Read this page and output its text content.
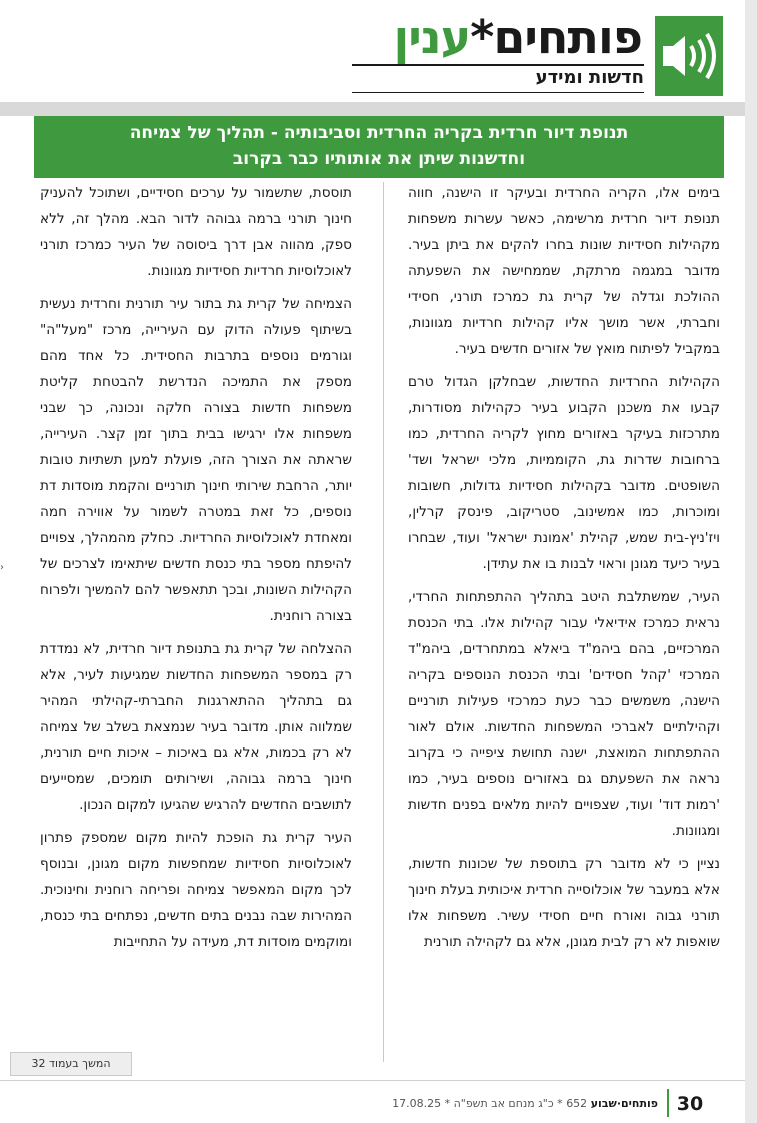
›
פותחים*ענין
חדשות ומידע
תנופת דיור חרדית בקריה החרדית וסביבותיה - תהליך של צמיחה
וחדשנות שיתן את אותותיו כבר בקרוב

בימים אלו, הקריה החרדית ובעיקר זו הישנה, חווה תנופת דיור חרדית מרשימה, כאשר עשרות משפחות מקהילות חסידיות שונות בחרו להקים את ביתן בעיר. מדובר במגמה מרתקת, שממחישה את השפעתה ההולכת וגדלה של קרית גת כמרכז תורני, חסידי וחברתי, אשר מושך אליו קהילות חרדיות מגוונות, במקביל לפיתוח מואץ של אזורים חדשים בעיר.

הקהילות החרדיות החדשות, שבחלקן הגדול טרם קבעו את משכנן הקבוע בעיר כקהילות מסודרות, מתרכזות בעיקר באזורים מחוץ לקריה החרדית, כמו ברחובות שדרות גת, הקוממיות, מלכי ישראל ושד' השופטים. מדובר בקהילות חסידיות גדולות, חשובות ומוכרות, כמו אמשינוב, סטריקוב, פינסק קרלין, ויז'ניץ-בית שמש, קהילת 'אמונת ישראל' ועוד, שבחרו בעיר כיעד מגונן וראוי לבנות בו את עתידן.

העיר, שמשתלבת היטב בתהליך ההתפתחות החרדי, נראית כמרכז אידיאלי עבור קהילות אלו. בתי הכנסת המרכזיים, בהם ביהמ"ד ביאלא במתחרדים, ביהמ"ד המרכזי 'קהל חסידים' ובתי הכנסת הנוספים בקריה הישנה, משמשים כבר כעת כמרכזי פעילות תורניים וקהילתיים לאברכי המשפחות החדשות. אולם לאור ההתפתחות המואצת, ישנה תחושת ציפייה כי בקרוב נראה את השפעתם גם באזורים נוספים בעיר, כמו 'רמות דוד' ועוד, שצפויים להיות מלאים בפנים חדשות ומגוונות.

נציין כי לא מדובר רק בתוספת של שכונות חדשות, אלא במעבר של אוכלוסייה חרדית איכותית בעלת חינוך תורני גבוה ואורח חיים חסידי עשיר. משפחות אלו שואפות לא רק לבית מגונן, אלא גם לקהילה תורנית

תוססת, שתשמור על ערכים חסידיים, ושתוכל להעניק חינוך תורני ברמה גבוהה לדור הבא. מהלך זה, ללא ספק, מהווה אבן דרך ביסוסה של העיר כמרכז תורני לאוכלוסיות חרדיות חסידיות מגוונות.

הצמיחה של קרית גת בתור עיר תורנית וחרדית נעשית בשיתוף פעולה הדוק עם העירייה, מרכז "מעל"ה" וגורמים נוספים בתרבות החסידית. כל אחד מהם מספק את התמיכה הנדרשת להבטחת קליטת משפחות חדשות בצורה חלקה ונכונה, כך שבני משפחות אלו ירגישו בבית בתוך זמן קצר. העירייה, שראתה את הצורך הזה, פועלת למען תשתיות טובות יותר, הרחבת שירותי חינוך תורניים והקמת מוסדות דת נוספים, כל זאת במטרה לשמור על אווירה חמה ומאחדת לאוכלוסיות החרדיות. כחלק מהמהלך, צפויים להיפתח מספר בתי כנסת חדשים שיתאימו לצרכים של הקהילות השונות, ובכך תתאפשר להם להמשיך ולפרוח בצורה רוחנית.

ההצלחה של קרית גת בתנופת דיור חרדית, לא נמדדת רק במספר המשפחות החדשות שמגיעות לעיר, אלא גם בתהליך ההתארגנות החברתי-קהילתי המהיר שמלווה אותן. מדובר בעיר שנמצאת בשלב של צמיחה לא רק בכמות, אלא גם באיכות – איכות חיים תורנית, חינוך ברמה גבוהה, ושירותים תומכים, שמסייעים לתושבים החדשים להרגיש שהגיעו למקום הנכון.

העיר קרית גת הופכת להיות מקום שמספק פתרון לאוכלוסיות חסידיות שמחפשות מקום מגונן, ובנוסף לכך מקום המאפשר צמיחה ופריחה רוחנית וחינוכית. המהירות שבה נבנים בתים חדשים, נפתחים בתי כנסת, ומוקמים מוסדות דת, מעידה על התחייבות

המשך בעמוד 32
30
פותחים·שבוע 652 * כ"ג מנחם אב תשפ"ה * 17.08.25
